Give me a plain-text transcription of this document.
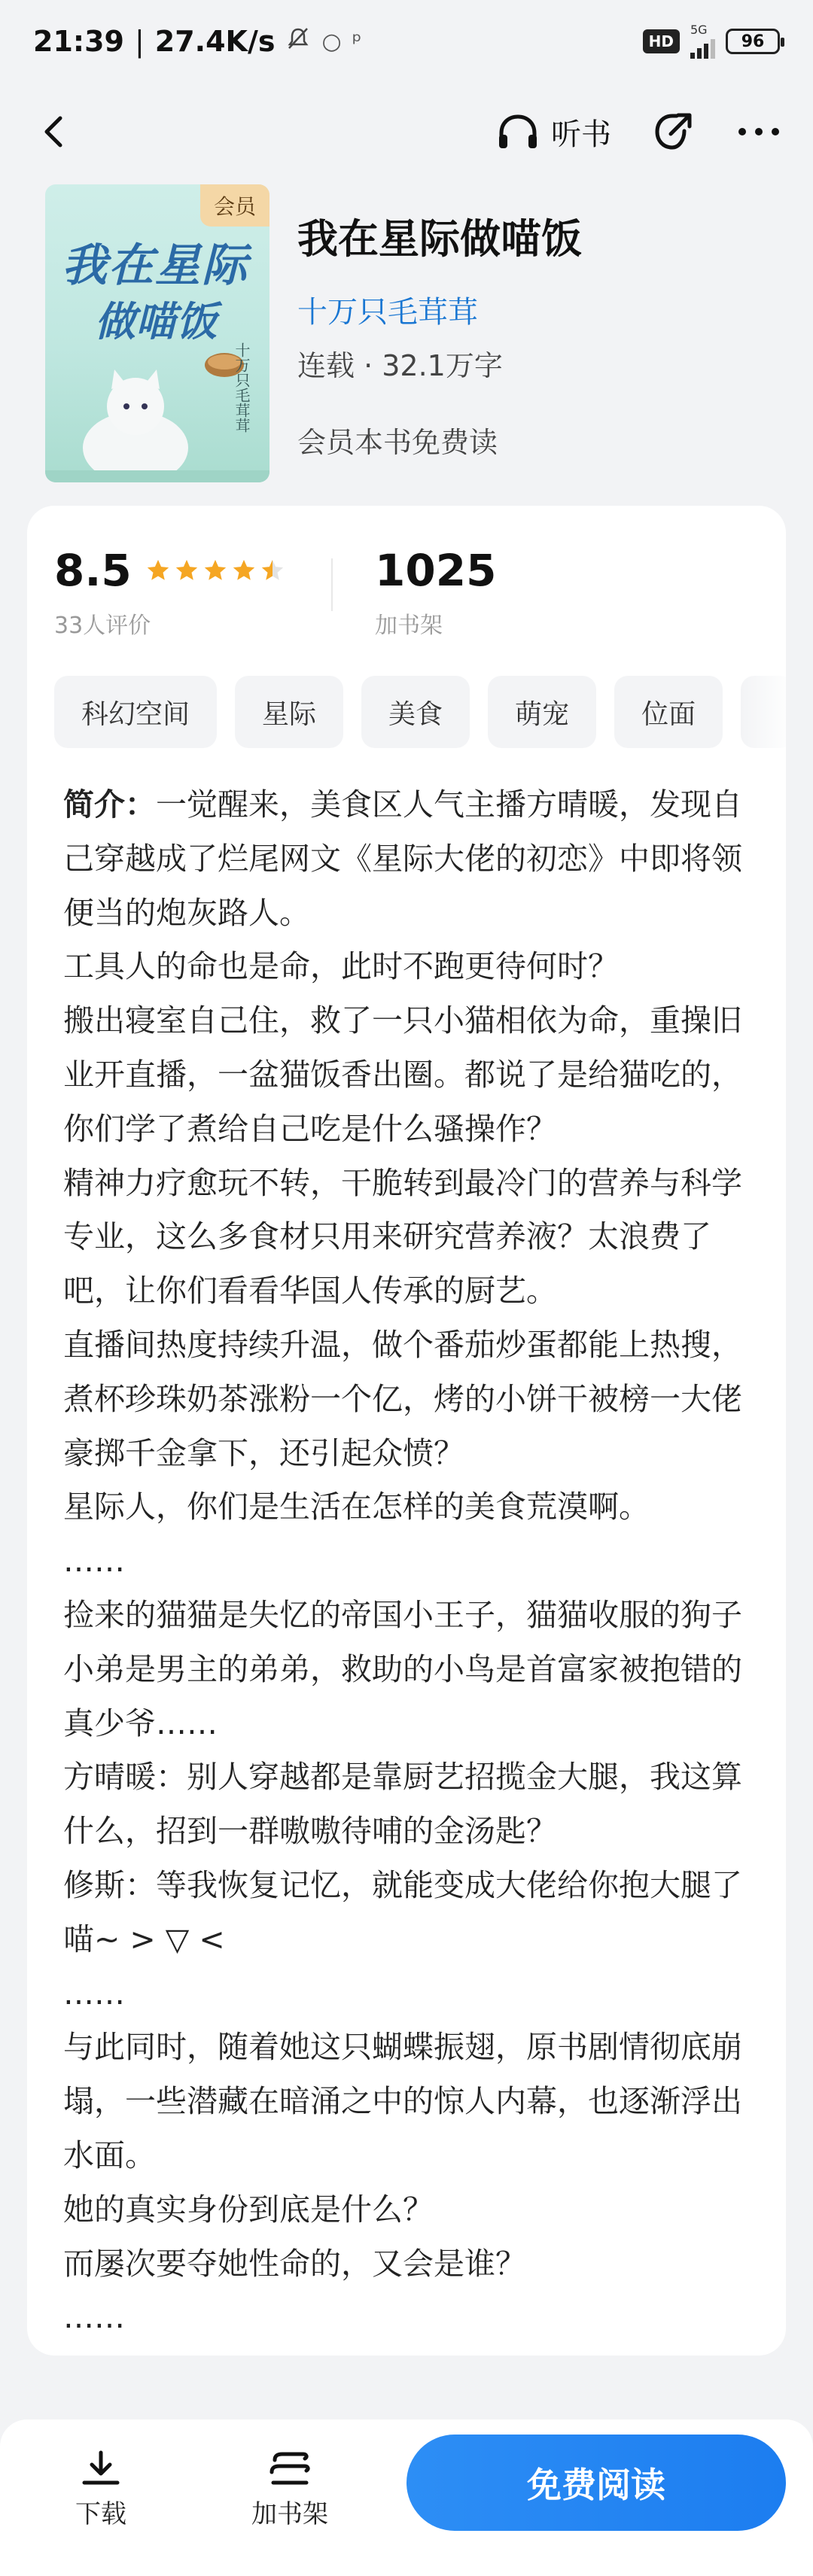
21:39 | 27.4K/s ○ ᵖ	HD
5G
96
听书
会员
我在星际
做喵饭
十万只毛茸茸
我在星际做喵饭
十万只毛茸茸
连载 · 32.1万字
会员本书免费读
8.5
33人评价
1025
加书架
科幻空间	星际	美食	萌宠	位面

简介：一觉醒来，美食区人气主播方晴暖，发现自己穿越成了烂尾网文《星际大佬的初恋》中即将领便当的炮灰路人。

工具人的命也是命，此时不跑更待何时？

搬出寝室自己住，救了一只小猫相依为命，重操旧业开直播，一盆猫饭香出圈。都说了是给猫吃的，你们学了煮给自己吃是什么骚操作？

精神力疗愈玩不转，干脆转到最冷门的营养与科学专业，这么多食材只用来研究营养液？太浪费了吧，让你们看看华国人传承的厨艺。

直播间热度持续升温，做个番茄炒蛋都能上热搜，煮杯珍珠奶茶涨粉一个亿，烤的小饼干被榜一大佬豪掷千金拿下，还引起众愤？

星际人，你们是生活在怎样的美食荒漠啊。

……

捡来的猫猫是失忆的帝国小王子，猫猫收服的狗子小弟是男主的弟弟，救助的小鸟是首富家被抱错的真少爷……

方晴暖：别人穿越都是靠厨艺招揽金大腿，我这算什么，招到一群嗷嗷待哺的金汤匙？

修斯：等我恢复记忆，就能变成大佬给你抱大腿了喵~ > ▽ <

……

与此同时，随着她这只蝴蝶振翅，原书剧情彻底崩塌，一些潜藏在暗涌之中的惊人内幕，也逐渐浮出水面。

她的真实身份到底是什么？

而屡次要夺她性命的，又会是谁？

……

下载	加书架
免费阅读
